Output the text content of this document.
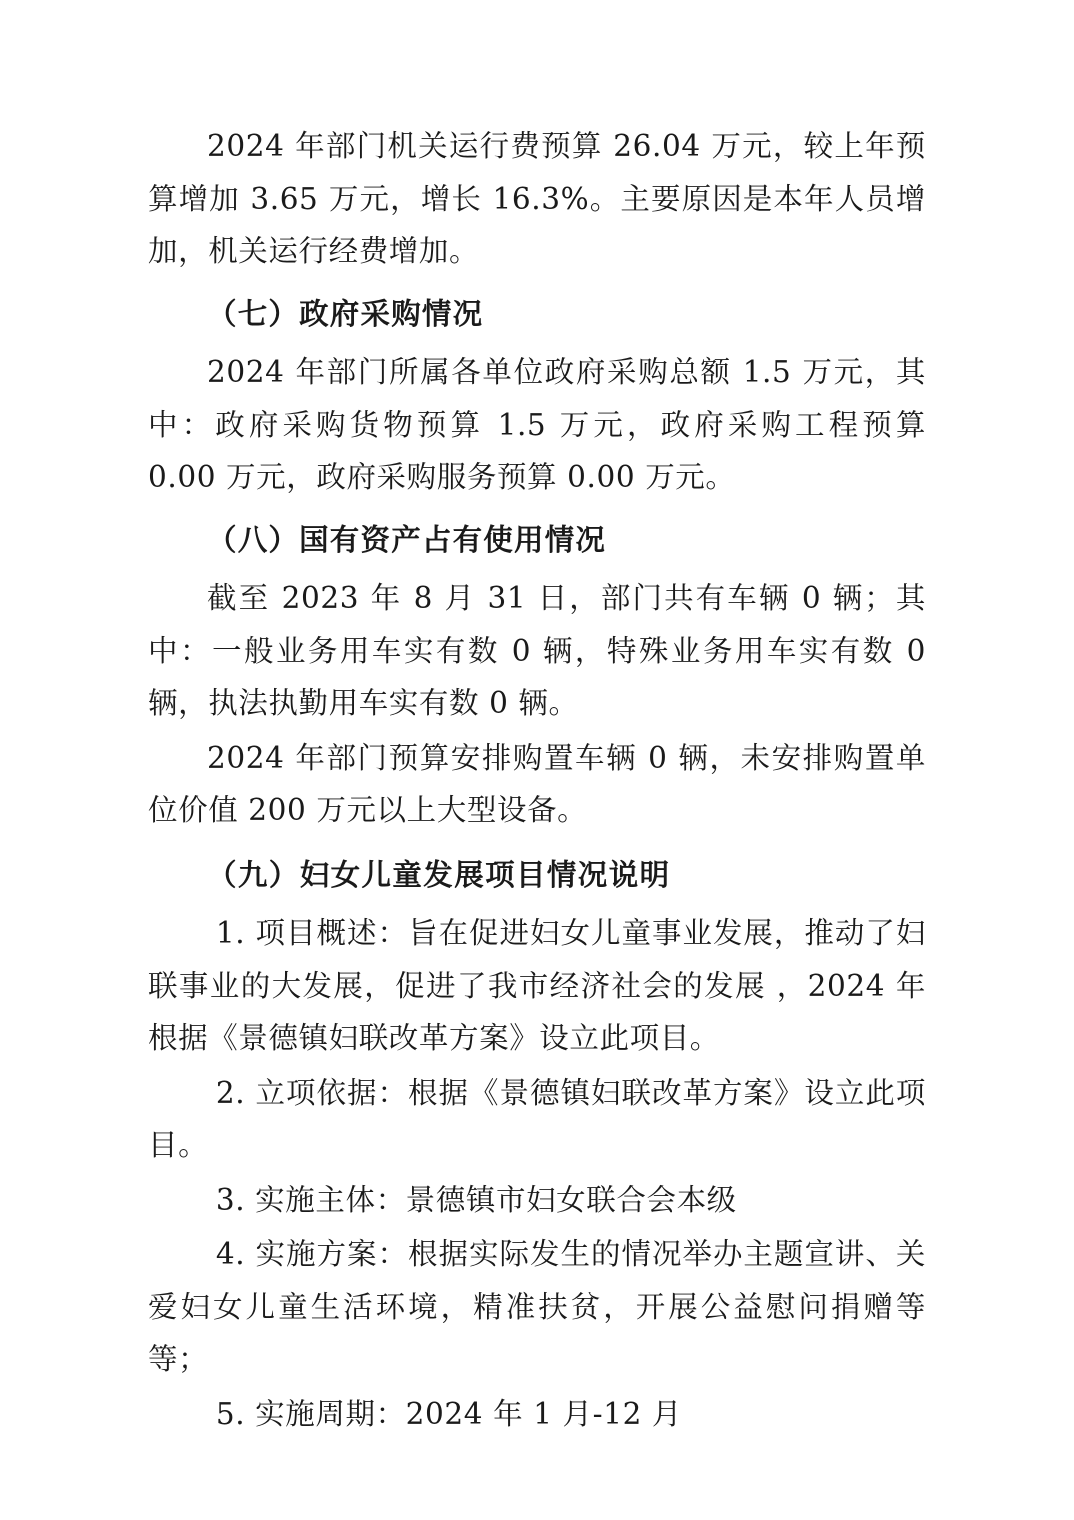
2024 年部门机关运行费预算 26.04 万元，较上年预算增加 3.65 万元，增长 16.3%。主要原因是本年人员增加，机关运行经费增加。

（七）政府采购情况

2024 年部门所属各单位政府采购总额 1.5 万元，其中：政府采购货物预算 1.5 万元，政府采购工程预算 0.00 万元，政府采购服务预算 0.00 万元。

（八）国有资产占有使用情况

截至 2023 年 8 月 31 日，部门共有车辆 0 辆；其中：一般业务用车实有数 0 辆，特殊业务用车实有数 0 辆，执法执勤用车实有数 0 辆。

2024 年部门预算安排购置车辆 0 辆，未安排购置单位价值 200 万元以上大型设备。

（九）妇女儿童发展项目情况说明

1. 项目概述：旨在促进妇女儿童事业发展，推动了妇联事业的大发展，促进了我市经济社会的发展 ，2024 年根据《景德镇妇联改革方案》设立此项目。

2. 立项依据：根据《景德镇妇联改革方案》设立此项目。

3. 实施主体：景德镇市妇女联合会本级

4. 实施方案：根据实际发生的情况举办主题宣讲、关爱妇女儿童生活环境，精准扶贫，开展公益慰问捐赠等等；

5. 实施周期：2024 年 1 月-12 月
